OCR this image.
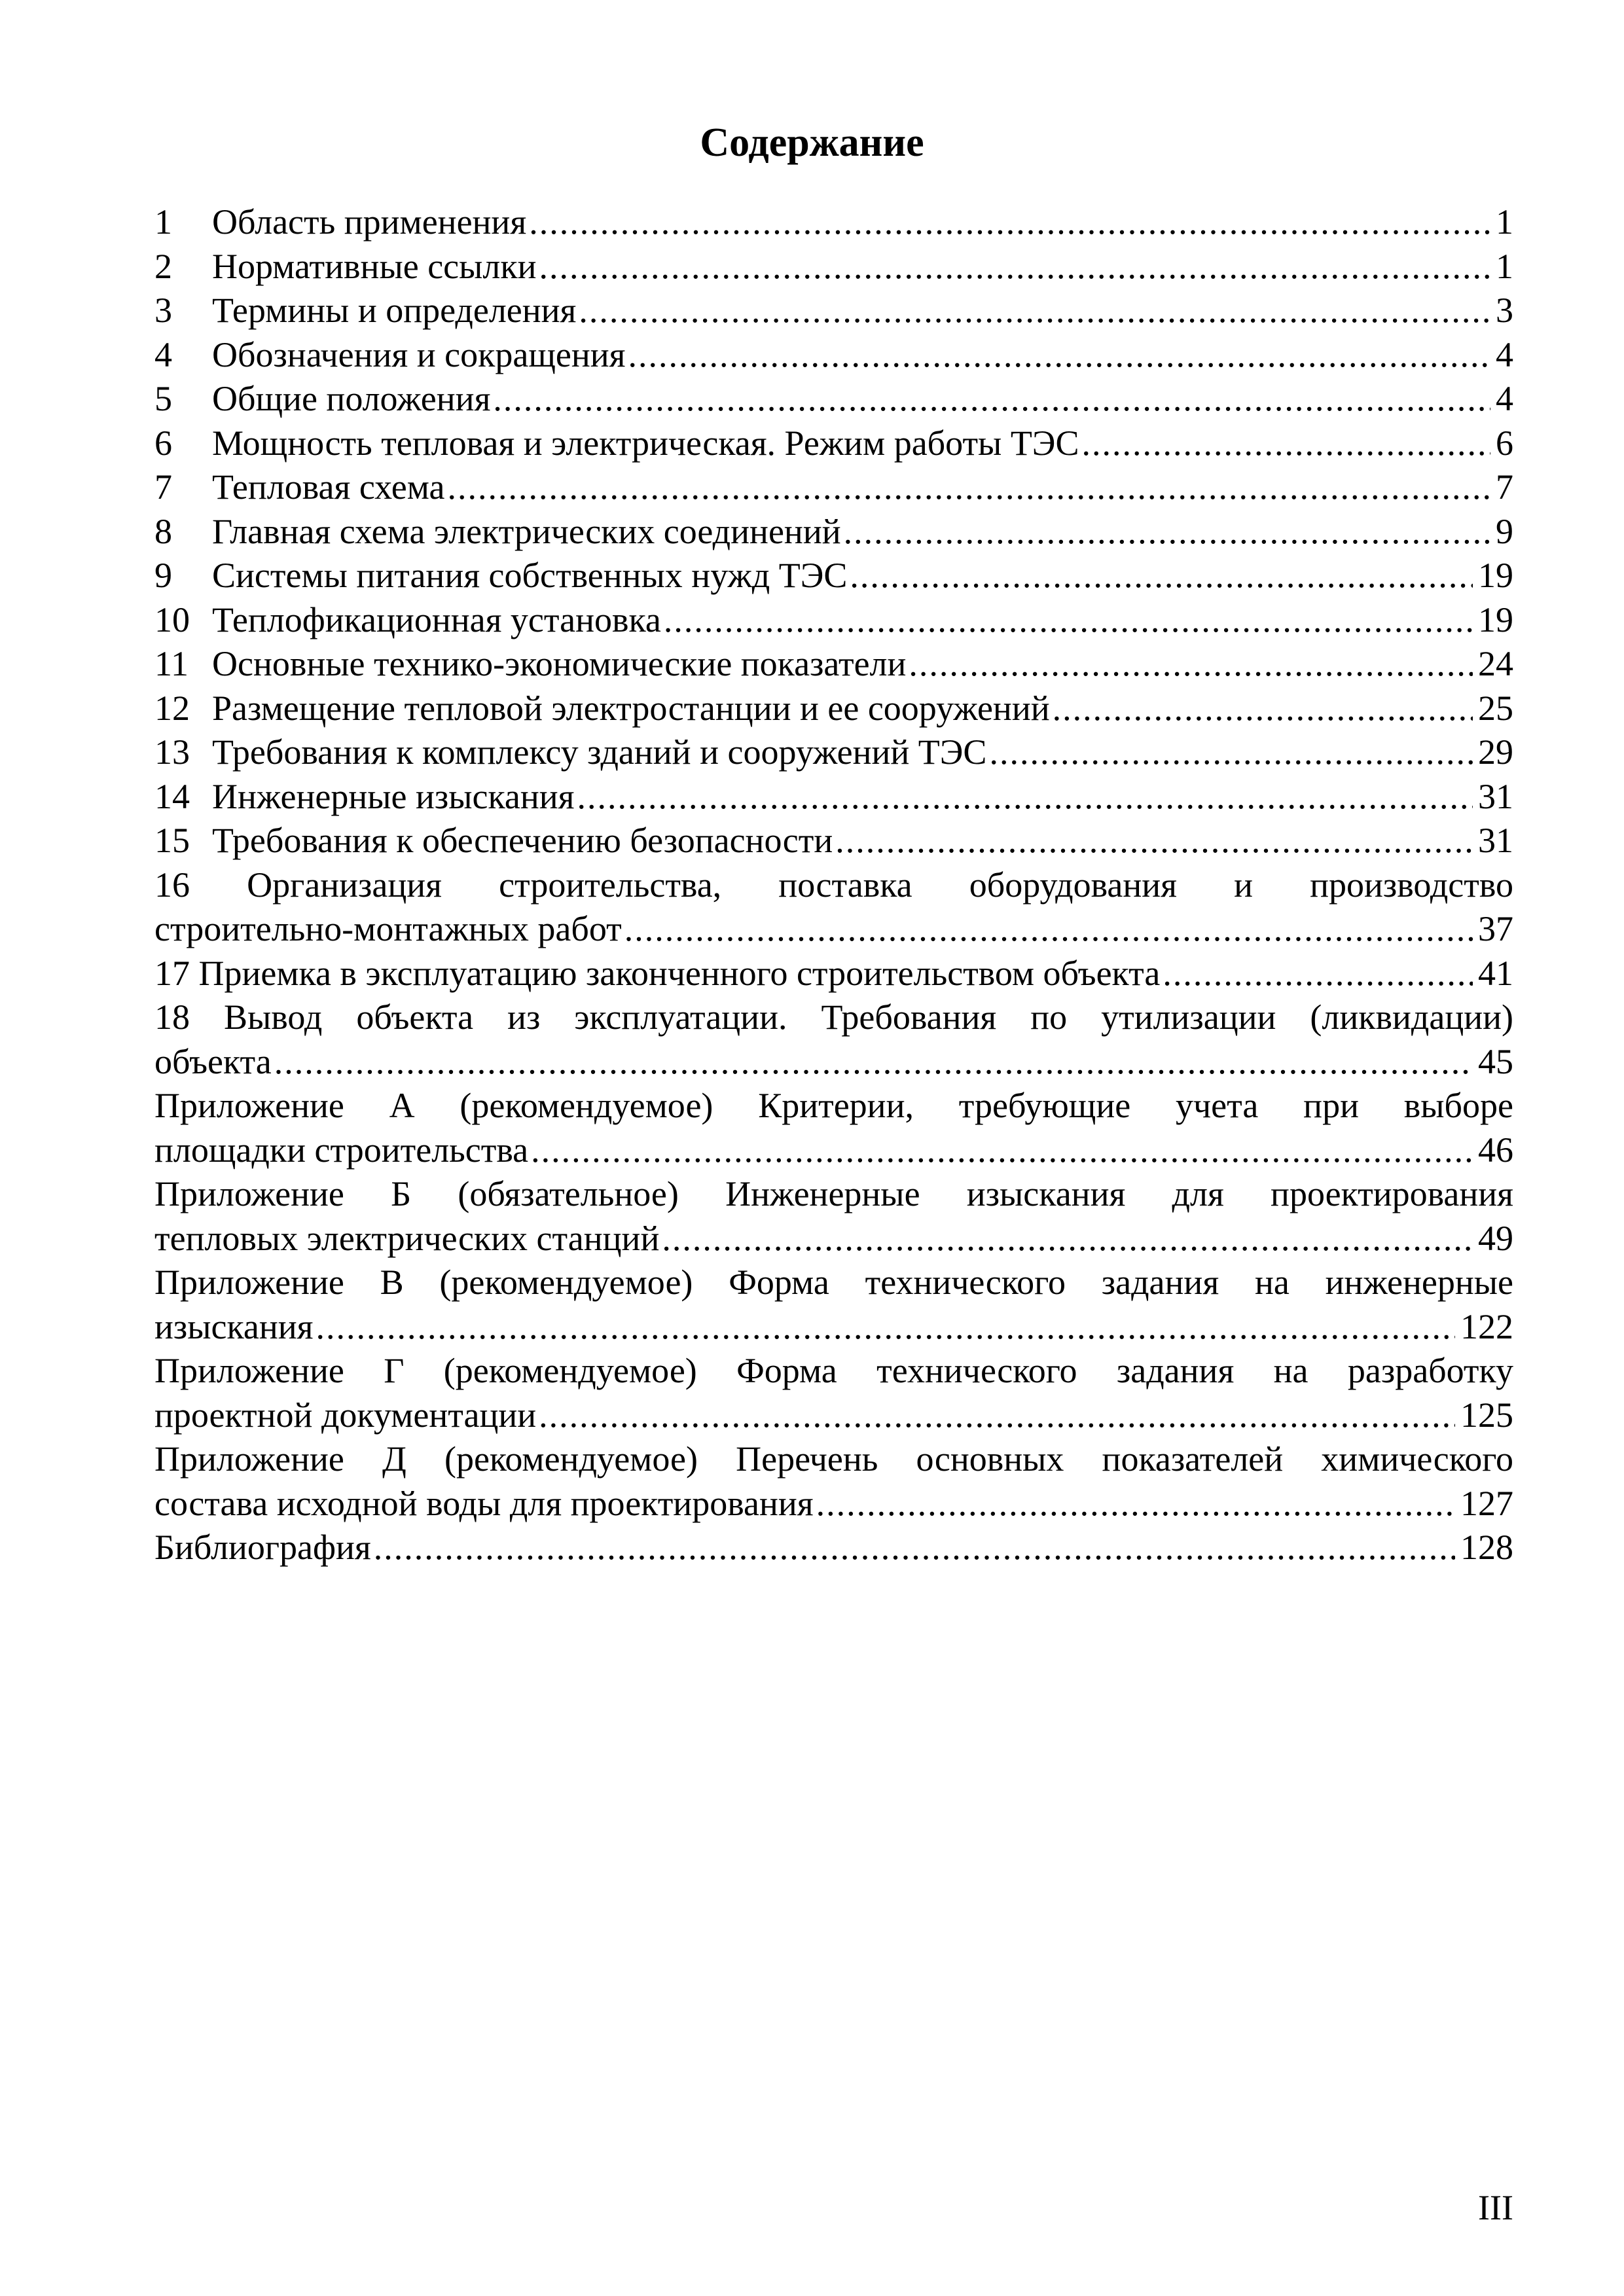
Содержание
1	Область применения .....	1
2	Нормативные ссылки .....	1
3	Термины и определения .....	3
4	Обозначения и сокращения .....	4
5	Общие положения .....	4
6	Мощность тепловая и электрическая. Режим работы ТЭС .....	6
7	Тепловая схема .....	7
8	Главная схема электрических соединений .....	9
9	Системы питания собственных нужд ТЭС .....	19
10 Теплофикационная установка .....	19
11 Основные технико-экономические показатели .....	24
12 Размещение тепловой электростанции и ее сооружений .....	25
13 Требования к комплексу зданий и сооружений ТЭС .....	29
14 Инженерные изыскания .....	31
15 Требования к обеспечению безопасности .....	31
16 Организация строительства, поставка оборудования и производство
строительно-монтажных работ .....	37
17 Приемка в эксплуатацию законченного строительством объекта .....	41
18 Вывод объекта из эксплуатации. Требования по утилизации (ликвидации)
объекта .....	45
Приложение А (рекомендуемое) Критерии, требующие учета при выборе
площадки строительства .....	46
Приложение Б (обязательное) Инженерные изыскания для проектирования
тепловых электрических станций .....	49
Приложение В (рекомендуемое) Форма технического задания на инженерные
изыскания .....	122
Приложение Г (рекомендуемое) Форма технического задания на разработку
проектной документации .....	125
Приложение Д (рекомендуемое) Перечень основных показателей химического
состава исходной воды для проектирования .....	127
Библиография .....	128
III
